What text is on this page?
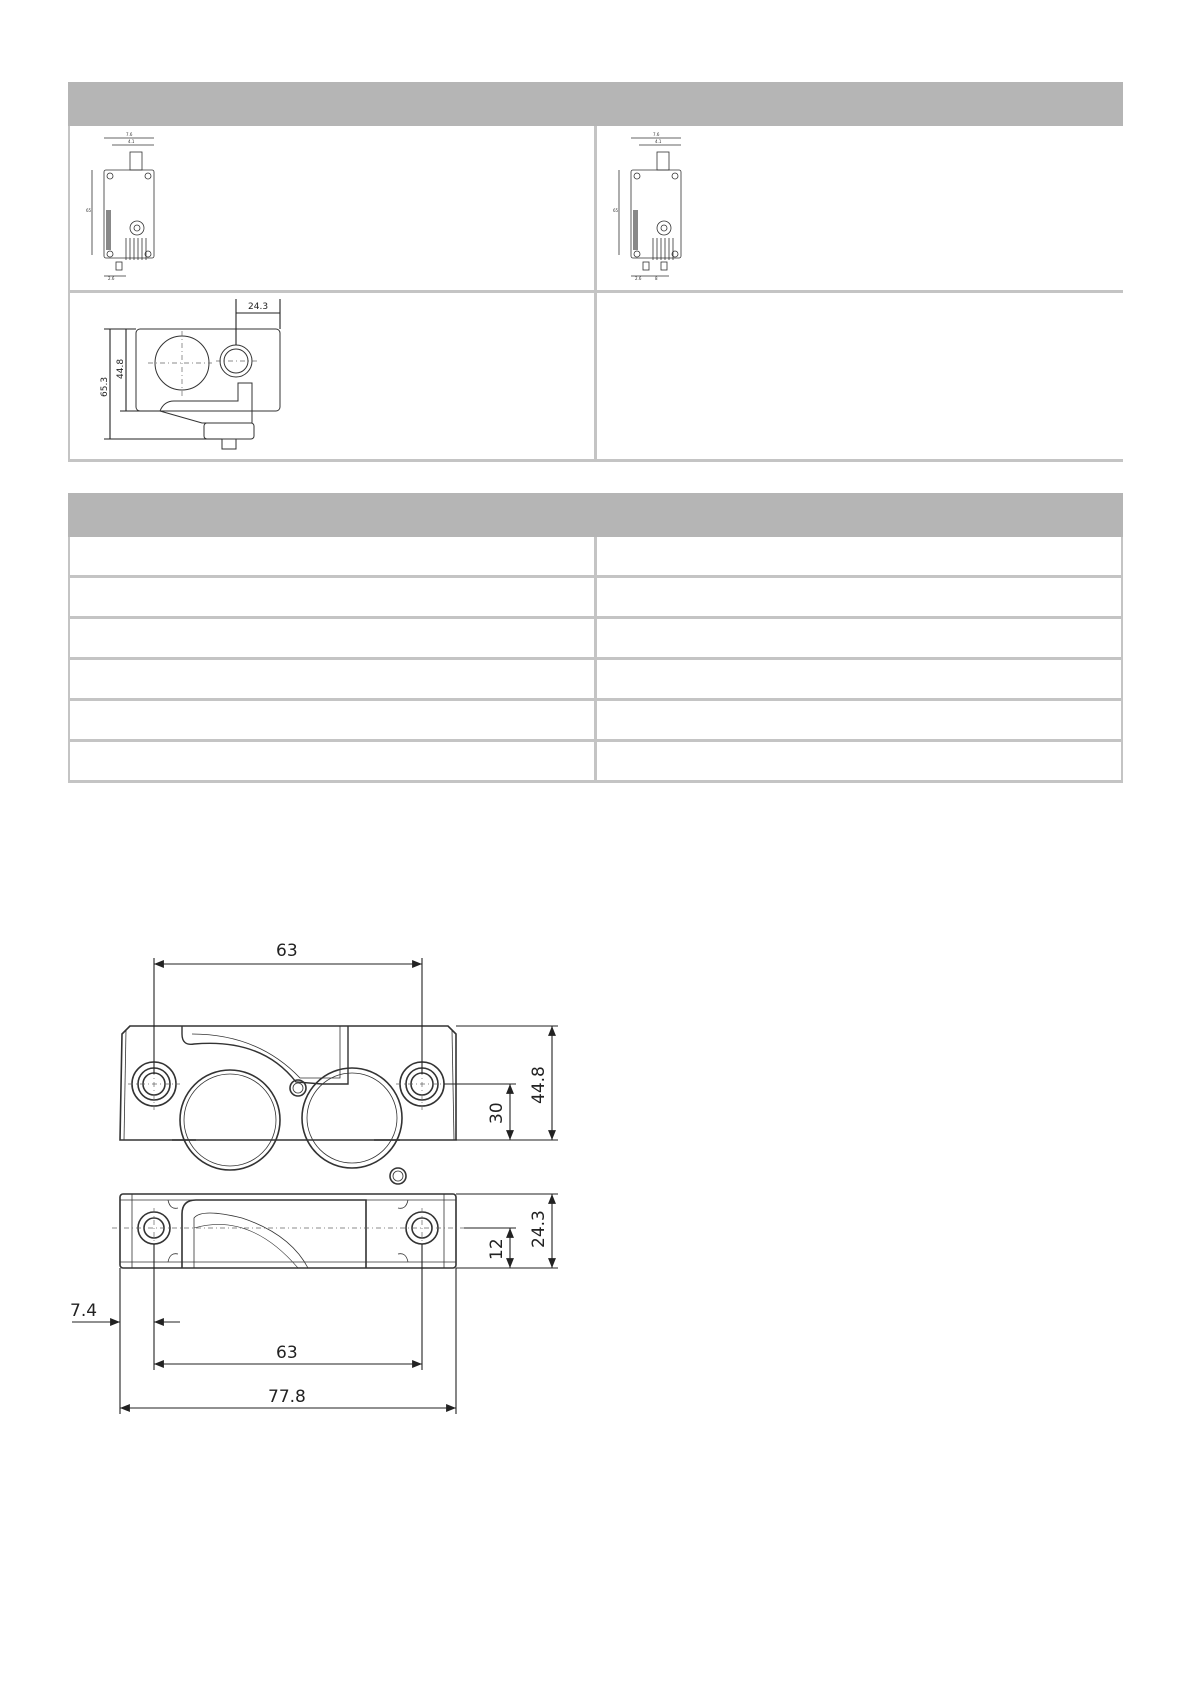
7.6
4.1
65
2.6
7.6
4.1
65
2.6	8
24.3
44.8
65.3
63
44.8
30
24.3
12
7.4
63
77.8
